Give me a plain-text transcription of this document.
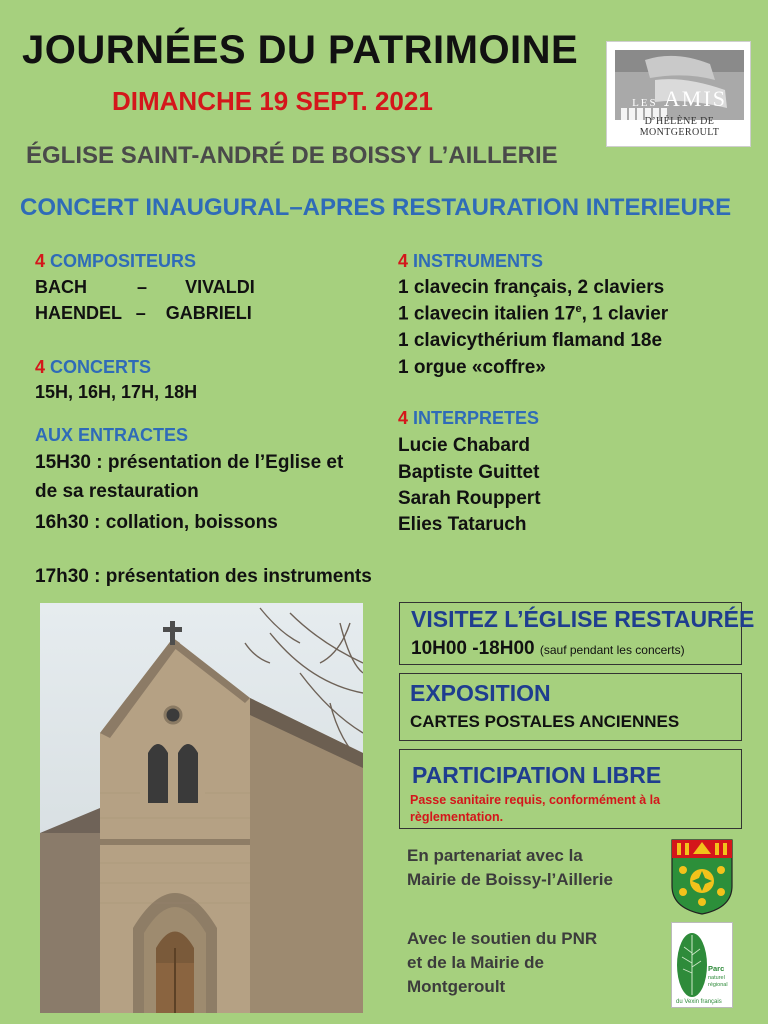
JOURNÉES DU PATRIMOINE
DIMANCHE 19 SEPT. 2021
ÉGLISE SAINT-ANDRÉ DE BOISSY L’AILLERIE
CONCERT INAUGURAL–APRES RESTAURATION INTERIEURE
LES AMIS
D’HÉLÈNE DE MONTGEROULT
4 COMPOSITEURS
BACH	– VIVALDI
HAENDEL – GABRIELI
4 CONCERTS
15H, 16H, 17H, 18H
AUX ENTRACTES
15H30 : présentation de l’Eglise et
de sa restauration
16h30 : collation, boissons
17h30 : présentation des instruments
4 INSTRUMENTS
1 clavecin français, 2 claviers
1 clavecin italien 17e, 1 clavier
1 clavicythérium flamand 18e
1 orgue «coffre»
4 INTERPRETES
Lucie Chabard
Baptiste Guittet
Sarah Rouppert
Elies Tataruch
VISITEZ L’ÉGLISE RESTAURÉE
10H00 -18H00 (sauf pendant les concerts)
EXPOSITION
CARTES POSTALES ANCIENNES
PARTICIPATION LIBRE
Passe sanitaire requis, conformément à la
règlementation.
En partenariat avec la
Mairie de Boissy-l’Aillerie
Avec le soutien du PNR
et de la Mairie de
Montgeroult
Parc
naturel
régional
du Vexin français
